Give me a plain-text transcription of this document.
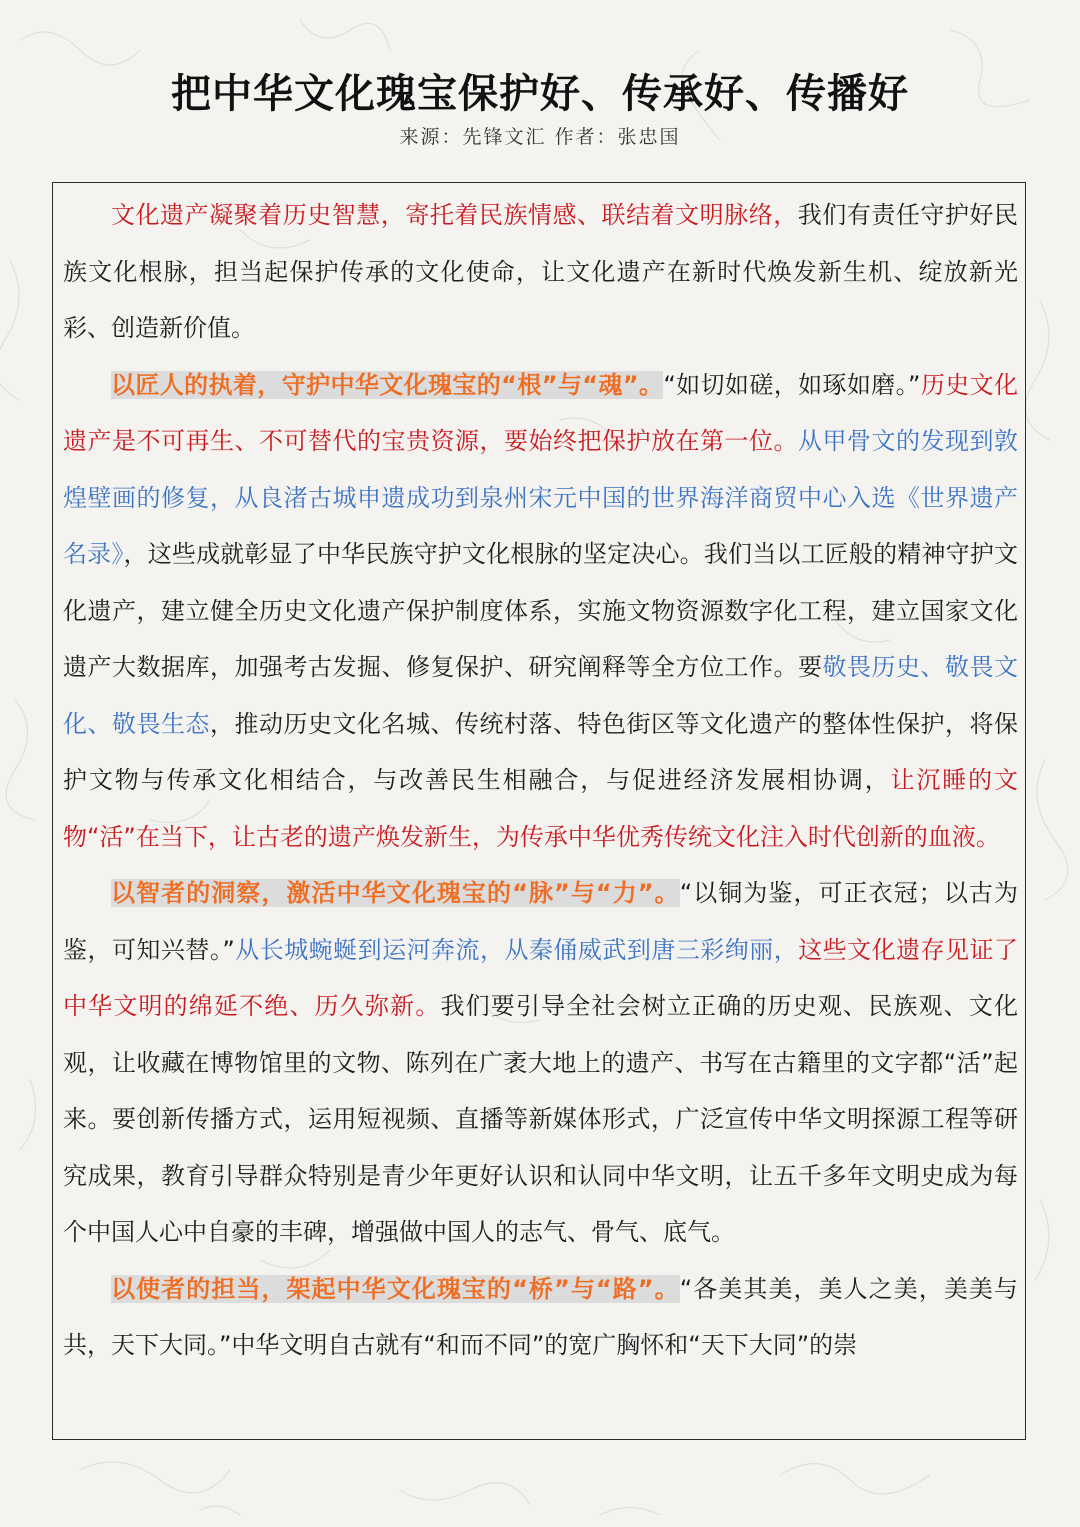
把中华文化瑰宝保护好、传承好、传播好
来源：先锋文汇 作者：张忠国

文化遗产凝聚着历史智慧，寄托着民族情感、联结着文明脉络，我们有责任守护好民族文化根脉，担当起保护传承的文化使命，让文化遗产在新时代焕发新生机、绽放新光彩、创造新价值。

以匠人的执着，守护中华文化瑰宝的“根”与“魂”。“如切如磋，如琢如磨。”历史文化遗产是不可再生、不可替代的宝贵资源，要始终把保护放在第一位。从甲骨文的发现到敦煌壁画的修复，从良渚古城申遗成功到泉州宋元中国的世界海洋商贸中心入选《世界遗产名录》，这些成就彰显了中华民族守护文化根脉的坚定决心。我们当以工匠般的精神守护文化遗产，建立健全历史文化遗产保护制度体系，实施文物资源数字化工程，建立国家文化遗产大数据库，加强考古发掘、修复保护、研究阐释等全方位工作。要敬畏历史、敬畏文化、敬畏生态，推动历史文化名城、传统村落、特色街区等文化遗产的整体性保护，将保护文物与传承文化相结合，与改善民生相融合，与促进经济发展相协调，让沉睡的文物“活”在当下，让古老的遗产焕发新生，为传承中华优秀传统文化注入时代创新的血液。

以智者的洞察，激活中华文化瑰宝的“脉”与“力”。“以铜为鉴，可正衣冠；以古为鉴，可知兴替。”从长城蜿蜒到运河奔流，从秦俑威武到唐三彩绚丽，这些文化遗存见证了中华文明的绵延不绝、历久弥新。我们要引导全社会树立正确的历史观、民族观、文化观，让收藏在博物馆里的文物、陈列在广袤大地上的遗产、书写在古籍里的文字都“活”起来。要创新传播方式，运用短视频、直播等新媒体形式，广泛宣传中华文明探源工程等研究成果，教育引导群众特别是青少年更好认识和认同中华文明，让五千多年文明史成为每个中国人心中自豪的丰碑，增强做中国人的志气、骨气、底气。

以使者的担当，架起中华文化瑰宝的“桥”与“路”。“各美其美，美人之美，美美与共，天下大同。”中华文明自古就有“和而不同”的宽广胸怀和“天下大同”的崇
